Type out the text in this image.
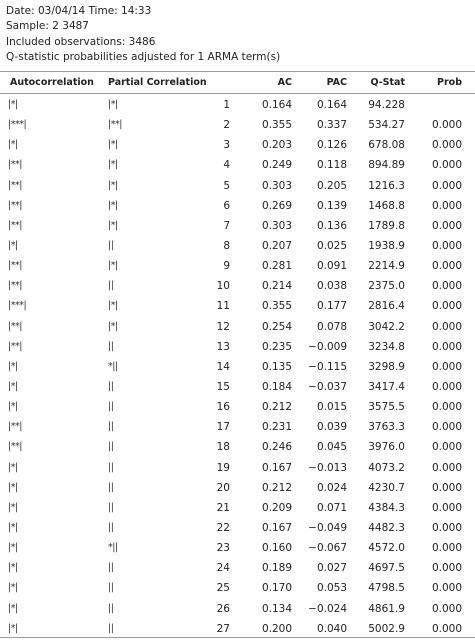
Date: 03/04/14 Time: 14:33
Sample: 2 3487
Included observations: 3486
Q-statistic probabilities adjusted for 1 ARMA term(s)
Autocorrelation Partial Correlation	AC	PAC	Q-Stat	Prob
|*|	|*|	1	0.164	0.164	94.228
|***|	|**|	2	0.355	0.337	534.27	0.000
|*|	|*|	3	0.203	0.126	678.08	0.000
|**|	|*|	4	0.249	0.118	894.89	0.000
|**|	|*|	5	0.303	0.205	1216.3	0.000
|**|	|*|	6	0.269	0.139	1468.8	0.000
|**|	|*|	7	0.303	0.136	1789.8	0.000
|*|	||	8	0.207	0.025	1938.9	0.000
|**|	|*|	9	0.281	0.091	2214.9	0.000
|**|	||	10	0.214	0.038	2375.0	0.000
|***|	|*|	11	0.355	0.177	2816.4	0.000
|**|	|*|	12	0.254	0.078	3042.2	0.000
|**|	||	13	0.235	−0.009	3234.8	0.000
|*|	*||	14	0.135	−0.115	3298.9	0.000
|*|	||	15	0.184	−0.037	3417.4	0.000
|*|	||	16	0.212	0.015	3575.5	0.000
|**|	||	17	0.231	0.039	3763.3	0.000
|**|	||	18	0.246	0.045	3976.0	0.000
|*|	||	19	0.167	−0.013	4073.2	0.000
|*|	||	20	0.212	0.024	4230.7	0.000
|*|	||	21	0.209	0.071	4384.3	0.000
|*|	||	22	0.167	−0.049	4482.3	0.000
|*|	*||	23	0.160	−0.067	4572.0	0.000
|*|	||	24	0.189	0.027	4697.5	0.000
|*|	||	25	0.170	0.053	4798.5	0.000
|*|	||	26	0.134	−0.024	4861.9	0.000
|*|	||	27	0.200	0.040	5002.9	0.000
